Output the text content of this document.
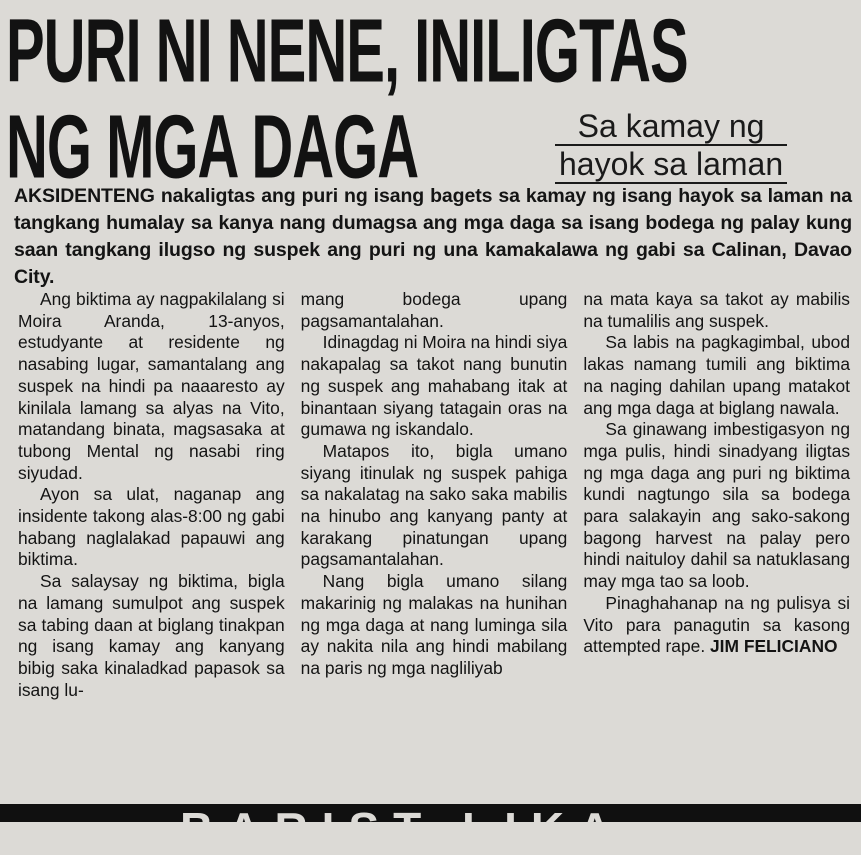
PURI NI NENE, INILIGTAS
NG MGA DAGA	Sa kamay ng
hayok sa laman

AKSIDENTENG nakaligtas ang puri ng isang bagets sa kamay ng isang hayok sa laman na tangkang humalay sa kanya nang dumagsa ang mga daga sa isang bodega ng palay kung saan tangkang ilugso ng suspek ang puri ng una kamakalawa ng gabi sa Calinan, Davao City.

Ang biktima ay nagpakilalang si Moira Aranda, 13-anyos, estudyante at residente ng nasabing lugar, samantalang ang suspek na hindi pa naaaresto ay kinilala lamang sa alyas na Vito, matandang binata, magsasaka at tubong Mental ng nasabi ring siyudad.

Ayon sa ulat, naganap ang insidente takong alas-8:00 ng gabi habang naglalakad papauwi ang biktima.

Sa salaysay ng biktima, bigla na lamang sumulpot ang suspek sa tabing daan at biglang tinakpan ng isang kamay ang kanyang bibig saka kinaladkad papasok sa isang lu-

mang bodega upang pagsamantalahan.

Idinagdag ni Moira na hindi siya nakapalag sa takot nang bunutin ng suspek ang mahabang itak at binantaan siyang tatagain oras na gumawa ng iskandalo.

Matapos ito, bigla umano siyang itinulak ng suspek pahiga sa nakalatag na sako saka mabilis na hinubo ang kanyang panty at karakang pinatungan upang pagsamantalahan.

Nang bigla umano silang makarinig ng malakas na hunihan ng mga daga at nang luminga sila ay nakita nila ang hindi mabilang na paris ng mga nagliliyab

na mata kaya sa takot ay mabilis na tumalilis ang suspek.

Sa labis na pagkagimbal, ubod lakas namang tumili ang biktima na naging dahilan upang matakot ang mga daga at biglang nawala.

Sa ginawang imbestigasyon ng mga pulis, hindi sinadyang iligtas ng mga daga ang puri ng biktima kundi nagtungo sila sa bodega para salakayin ang sako-sakong bagong harvest na palay pero hindi naituloy dahil sa natuklasang may mga tao sa loob.

Pinaghahanap na ng pulisya si Vito para panagutin sa kasong attempted rape. JIM FELICIANO

BARIST LIKA
